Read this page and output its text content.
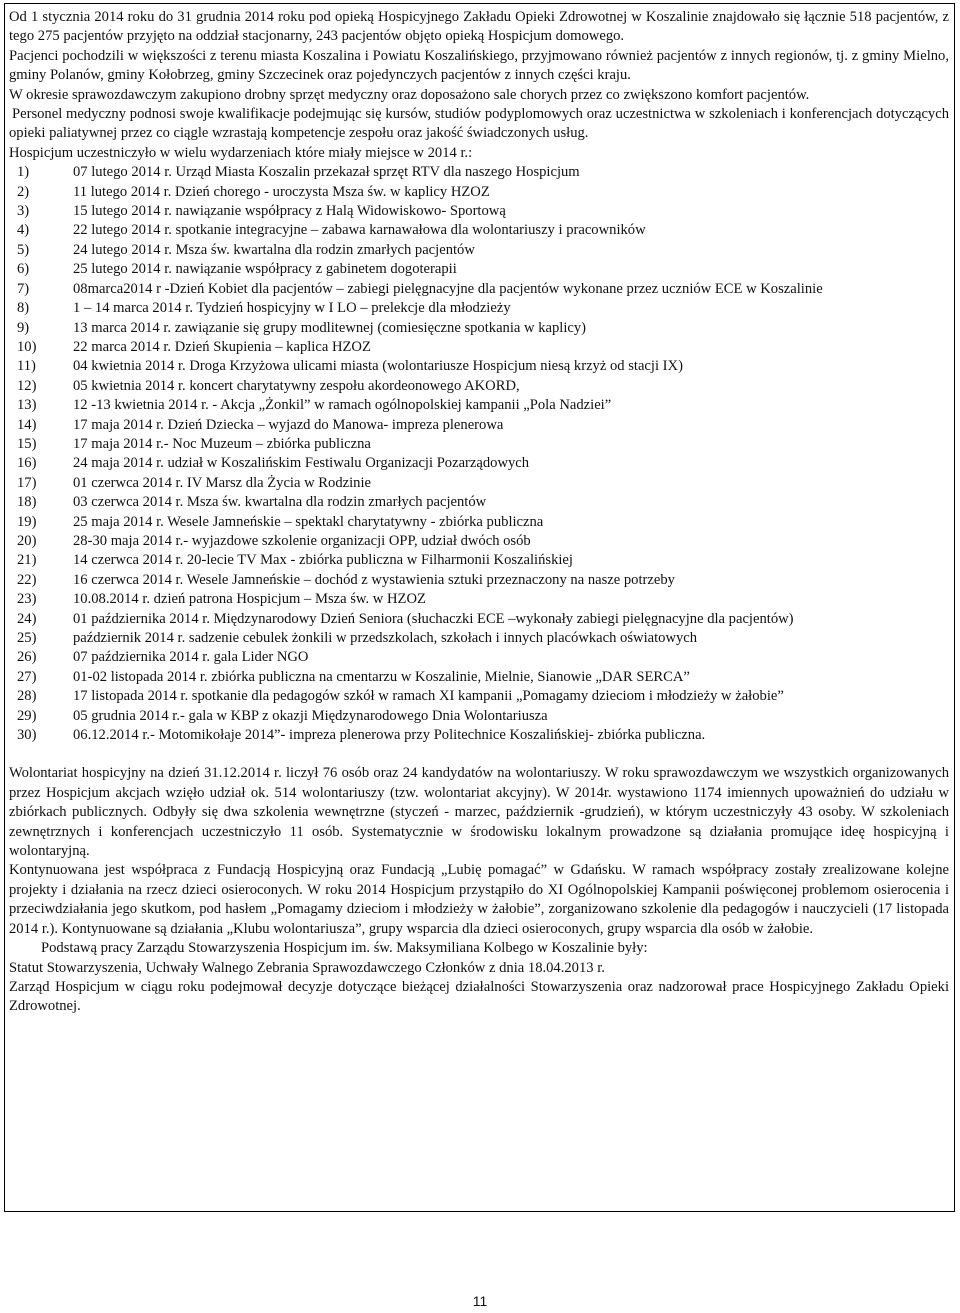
Od 1 stycznia 2014 roku do 31 grudnia 2014 roku pod opieką Hospicyjnego Zakładu Opieki Zdrowotnej w Koszalinie znajdowało się łącznie 518 pacjentów, z tego 275 pacjentów przyjęto na oddział stacjonarny, 243 pacjentów objęto opieką Hospicjum domowego.

Pacjenci pochodzili w większości z terenu miasta Koszalina i Powiatu Koszalińskiego, przyjmowano również pacjentów z innych regionów, tj. z gminy Mielno, gminy Polanów, gminy Kołobrzeg, gminy Szczecinek oraz pojedynczych pacjentów z innych części kraju.

W okresie sprawozdawczym zakupiono drobny sprzęt medyczny oraz doposażono sale chorych przez co zwiększono komfort pacjentów.

Personel medyczny podnosi swoje kwalifikacje podejmując się kursów, studiów podyplomowych oraz uczestnictwa w szkoleniach i konferencjach dotyczących opieki paliatywnej przez co ciągle wzrastają kompetencje zespołu oraz jakość świadczonych usług.

Hospicjum uczestniczyło w wielu wydarzeniach które miały miejsce w 2014 r.:

1)	07 lutego 2014 r. Urząd Miasta Koszalin przekazał sprzęt RTV dla naszego Hospicjum
2)	11 lutego 2014 r. Dzień chorego - uroczysta Msza św. w kaplicy HZOZ
3)	15 lutego 2014 r. nawiązanie współpracy z Halą Widowiskowo- Sportową
4)	22 lutego 2014 r. spotkanie integracyjne – zabawa karnawałowa dla wolontariuszy i pracowników
5)	24 lutego 2014 r. Msza św. kwartalna dla rodzin zmarłych pacjentów
6)	25 lutego 2014 r. nawiązanie współpracy z gabinetem dogoterapii
7)	08marca2014 r -Dzień Kobiet dla pacjentów – zabiegi pielęgnacyjne dla pacjentów wykonane przez uczniów ECE w Koszalinie
8)	1 – 14 marca 2014 r. Tydzień hospicyjny w I LO – prelekcje dla młodzieży
9)	13 marca 2014 r. zawiązanie się grupy modlitewnej (comiesięczne spotkania w kaplicy)
10)	22 marca 2014 r. Dzień Skupienia – kaplica HZOZ
11)	04 kwietnia 2014 r. Droga Krzyżowa ulicami miasta (wolontariusze Hospicjum niesą krzyż od stacji IX)
12)	05 kwietnia 2014 r. koncert charytatywny zespołu akordeonowego AKORD,
13)	12 -13 kwietnia 2014 r. - Akcja „Żonkil” w ramach ogólnopolskiej kampanii „Pola Nadziei”
14)	17 maja 2014 r. Dzień Dziecka – wyjazd do Manowa- impreza plenerowa
15)	17 maja 2014 r.- Noc Muzeum – zbiórka publiczna
16)	24 maja 2014 r. udział w Koszalińskim Festiwalu Organizacji Pozarządowych
17)	01 czerwca 2014 r. IV Marsz dla Życia w Rodzinie
18)	03 czerwca 2014 r. Msza św. kwartalna dla rodzin zmarłych pacjentów
19)	25 maja 2014 r. Wesele Jamneńskie – spektakl charytatywny - zbiórka publiczna
20)	28-30 maja 2014 r.- wyjazdowe szkolenie organizacji OPP, udział dwóch osób
21)	14 czerwca 2014 r. 20-lecie TV Max - zbiórka publiczna w Filharmonii Koszalińskiej
22)	16 czerwca 2014 r. Wesele Jamneńskie – dochód z wystawienia sztuki przeznaczony na nasze potrzeby
23)	10.08.2014 r. dzień patrona Hospicjum – Msza św. w HZOZ
24)	01 października 2014 r. Międzynarodowy Dzień Seniora (słuchaczki ECE –wykonały zabiegi pielęgnacyjne dla pacjentów)
25)	październik 2014 r. sadzenie cebulek żonkili w przedszkolach, szkołach i innych placówkach oświatowych
26)	07 października 2014 r. gala Lider NGO
27)	01-02 listopada 2014 r. zbiórka publiczna na cmentarzu w Koszalinie, Mielnie, Sianowie „DAR SERCA”
28)	17 listopada 2014 r. spotkanie dla pedagogów szkół w ramach XI kampanii „Pomagamy dzieciom i młodzieży w żałobie”
29)	05 grudnia 2014 r.- gala w KBP z okazji Międzynarodowego Dnia Wolontariusza
30)	06.12.2014 r.- Motomikołaje 2014”- impreza plenerowa przy Politechnice Koszalińskiej- zbiórka publiczna.

Wolontariat hospicyjny na dzień 31.12.2014 r. liczył 76 osób oraz 24 kandydatów na wolontariuszy. W roku sprawozdawczym we wszystkich organizowanych przez Hospicjum akcjach wzięło udział ok. 514 wolontariuszy (tzw. wolontariat akcyjny). W 2014r. wystawiono 1174 imiennych upoważnień do udziału w zbiórkach publicznych. Odbyły się dwa szkolenia wewnętrzne (styczeń - marzec, październik -grudzień), w którym uczestniczyły 43 osoby. W szkoleniach zewnętrznych i konferencjach uczestniczyło 11 osób. Systematycznie w środowisku lokalnym prowadzone są działania promujące ideę hospicyjną i wolontaryjną.

Kontynuowana jest współpraca z Fundacją Hospicyjną oraz Fundacją „Lubię pomagać” w Gdańsku. W ramach współpracy zostały zrealizowane kolejne projekty i działania na rzecz dzieci osieroconych. W roku 2014 Hospicjum przystąpiło do XI Ogólnopolskiej Kampanii poświęconej problemom osierocenia i przeciwdziałania jego skutkom, pod hasłem „Pomagamy dzieciom i młodzieży w żałobie”, zorganizowano szkolenie dla pedagogów i nauczycieli (17 listopada 2014 r.). Kontynuowane są działania „Klubu wolontariusza”, grupy wsparcia dla dzieci osieroconych, grupy wsparcia dla osób w żałobie.

Podstawą pracy Zarządu Stowarzyszenia Hospicjum im. św. Maksymiliana Kolbego w Koszalinie były:

Statut Stowarzyszenia, Uchwały Walnego Zebrania Sprawozdawczego Członków z dnia 18.04.2013 r.

Zarząd Hospicjum w ciągu roku podejmował decyzje dotyczące bieżącej działalności Stowarzyszenia oraz nadzorował prace Hospicyjnego Zakładu Opieki Zdrowotnej.

11
